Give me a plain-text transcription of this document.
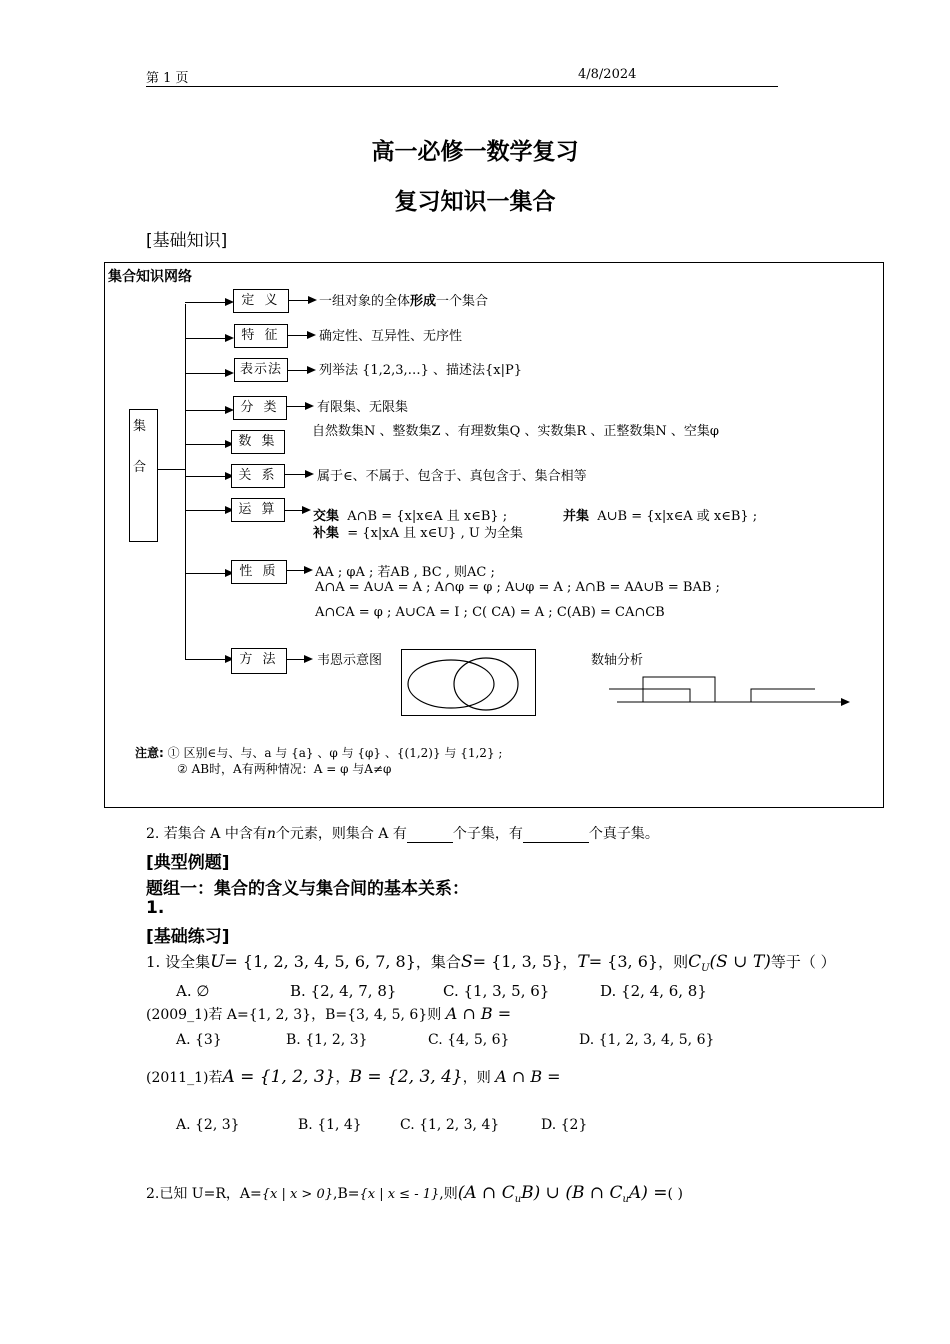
第 1 页	4/8/2024
高一必修一数学复习
复习知识一集合
[基础知识]
集合知识网络
集
合
定 义	一组对象的全体形成一个集合
特 征	确定性、互异性、无序性
表示法	列举法 {1,2,3,…} 、描述法{x|P}
分 类	有限集、无限集
数 集
自然数集N 、整数集Z 、有理数集Q 、实数集R 、正整数集N 、空集φ
关 系	属于∈、不属于、包含于、真包含于、集合相等
运 算	交集 A∩B = {x|x∈A 且 x∈B} ;	并集 A∪B = {x|x∈A 或 x∈B} ;
补集 = {x|xA 且 x∈U} , U 为全集
性 质	AA ; φA ; 若AB , BC , 则AC ;
A∩A = A∪A = A ; A∩φ = φ ; A∪φ = A ; A∩B = AA∪B = BAB ;
A∩CA = φ ; A∪CA = I ; C( CA) = A ; C(AB) = CA∩CB
方 法	韦恩示意图	数轴分析
注意: ① 区别∈与、与、a 与 {a} 、φ 与 {φ} 、{(1,2)} 与 {1,2} ;
② AB时，A有两种情况：A = φ 与A≠φ
2. 若集合 A 中含有n个元素，则集合 A 有	个子集，有	个真子集。
[典型例题]
题组一：集合的含义与集合间的基本关系：
1.
[基础练习]
1. 设全集U= {1, 2, 3, 4, 5, 6, 7, 8}，集合S= {1, 3, 5}，T= {3, 6}，则$C_U(S$ ∪ T)等于（ ）
A. ∅	B. {2, 4, 7, 8}	C. {1, 3, 5, 6}	D. {2, 4, 6, 8}
(2009_1)若 A={1, 2, 3}，B={3, 4, 5, 6}则 A ∩ B =
A. {3}	B. {1, 2, 3}	C. {4, 5, 6}	D. {1, 2, 3, 4, 5, 6}
(2011_1)若A = {1, 2, 3}，B = {2, 3, 4}，则 A ∩ B =
A. {2, 3}	B. {1, 4}	C. {1, 2, 3, 4}	D. {2}
2.已知 U=R，A={x | x > 0},B={x | x ≤ - 1},则(A ∩ $C_uB$) ∪ (B ∩ $C_uA$) =( )
